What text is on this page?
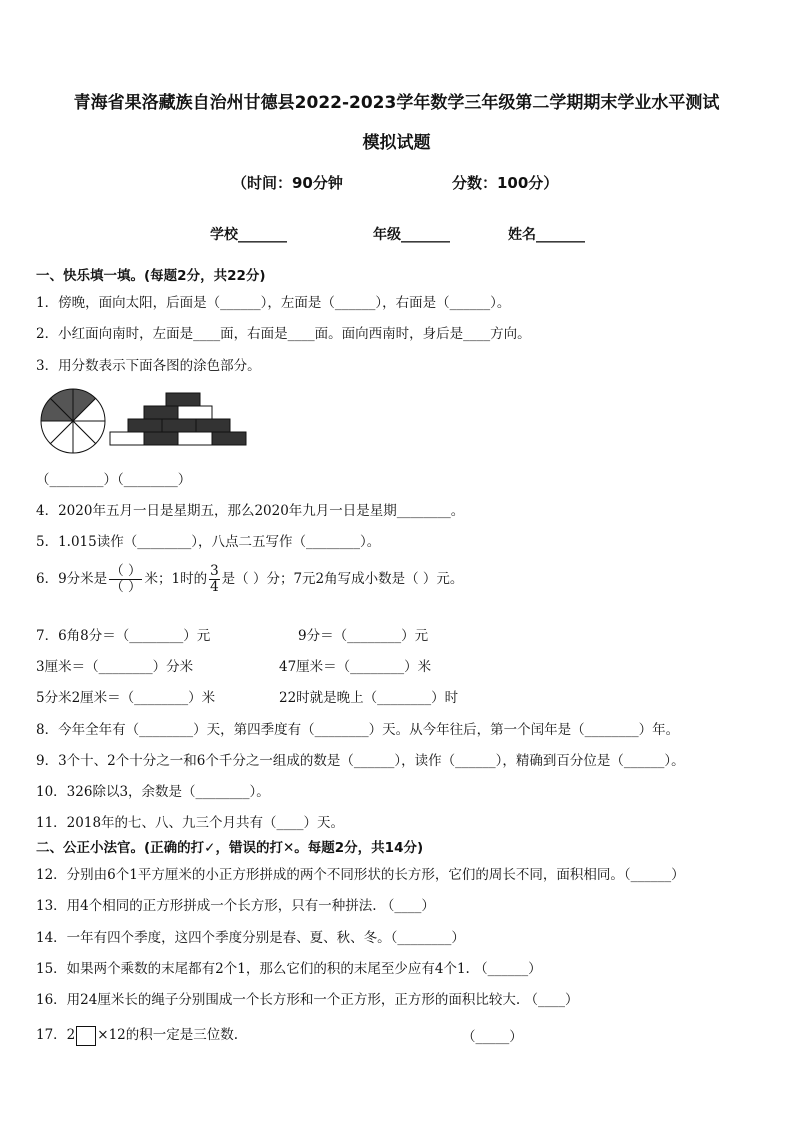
青海省果洛藏族自治州甘德县2022-2023学年数学三年级第二学期期末学业水平测试
模拟试题
（时间：90分钟	分数：100分）
学校_______	年级_______	姓名_______
一、快乐填一填。(每题2分，共22分)
1．傍晚，面向太阳，后面是（______），左面是（______），右面是（______）。
2．小红面向南时，左面是____面，右面是____面。面向西南时，身后是____方向。
3．用分数表示下面各图的涂色部分。
（________）（________）
4．2020年五月一日是星期五，那么2020年九月一日是星期________。
5．1.015读作（________），八点二五写作（________）。
6．9分米是 $\frac{( )}{( )}$ 米；1时的 $\frac{3}{4}$ 是（ ）分；7元2角写成小数是（ ）元。
7．6角8分＝（________）元	9分＝（________）元
3厘米＝（________）分米	47厘米＝（________）米
5分米2厘米＝（________）米	22时就是晚上（________）时
8．今年全年有（________）天，第四季度有（________）天。从今年往后，第一个闰年是（________）年。
9．3个十、2个十分之一和6个千分之一组成的数是（______），读作（______），精确到百分位是（______）。
10．326除以3，余数是（________）。
11．2018年的七、八、九三个月共有（____）天。
二、公正小法官。(正确的打✓，错误的打✕。每题2分，共14分)
12．分别由6个1平方厘米的小正方形拼成的两个不同形状的长方形，它们的周长不同，面积相同。（______）
13．用4个相同的正方形拼成一个长方形，只有一种拼法. （____）
14．一年有四个季度，这四个季度分别是春、夏、秋、冬。（________）
15．如果两个乘数的末尾都有2个1，那么它们的积的末尾至少应有4个1. （______）
16．用24厘米长的绳子分别围成一个长方形和一个正方形，正方形的面积比较大. （____）
17．2 ×12的积一定是三位数.	（_____）
